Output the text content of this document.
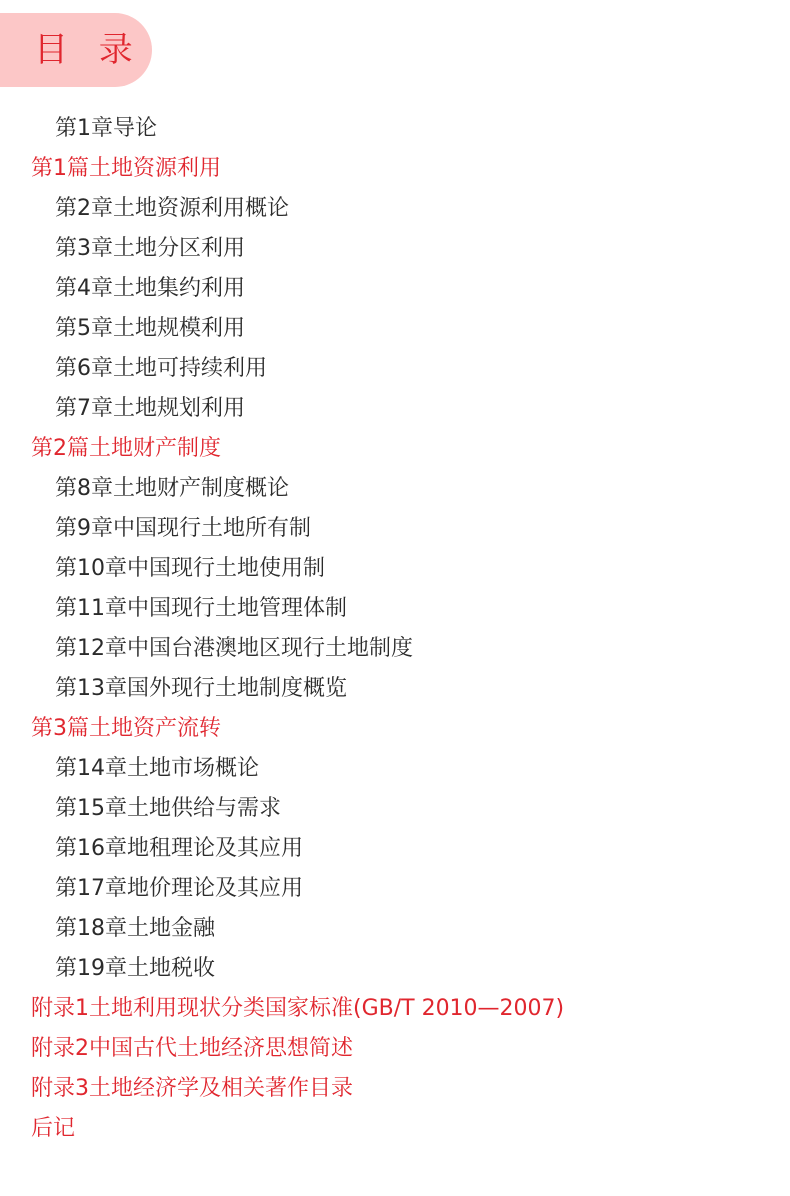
目 录
第1章导论
第1篇土地资源利用
第2章土地资源利用概论
第3章土地分区利用
第4章土地集约利用
第5章土地规模利用
第6章土地可持续利用
第7章土地规划利用
第2篇土地财产制度
第8章土地财产制度概论
第9章中国现行土地所有制
第10章中国现行土地使用制
第11章中国现行土地管理体制
第12章中国台港澳地区现行土地制度
第13章国外现行土地制度概览
第3篇土地资产流转
第14章土地市场概论
第15章土地供给与需求
第16章地租理论及其应用
第17章地价理论及其应用
第18章土地金融
第19章土地税收
附录1土地利用现状分类国家标准(GB/T 2010—2007)
附录2中国古代土地经济思想简述
附录3土地经济学及相关著作目录
后记
